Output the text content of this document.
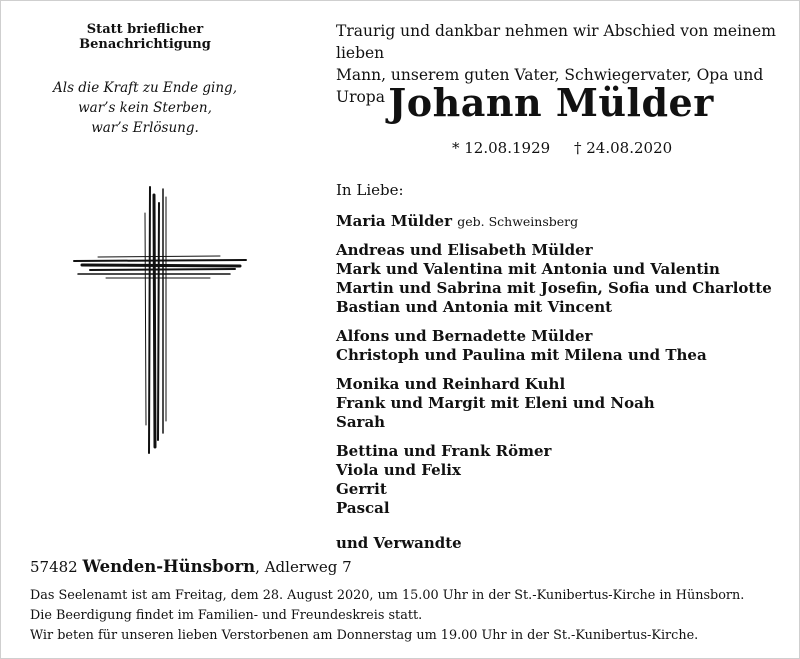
Statt brieflicher Benachrichtigung
Als die Kraft zu Ende ging,
war’s kein Sterben,
war’s Erlösung.
Traurig und dankbar nehmen wir Abschied von meinem lieben
Mann, unserem guten Vater, Schwiegervater, Opa und Uropa Johann Mülder
* 12.08.1929 † 24.08.2020
In Liebe:
Maria Mülder geb. Schweinsberg
Andreas und Elisabeth Mülder
Mark und Valentina mit Antonia und Valentin
Martin und Sabrina mit Josefin, Sofia und Charlotte
Bastian und Antonia mit Vincent
Alfons und Bernadette Mülder
Christoph und Paulina mit Milena und Thea
Monika und Reinhard Kuhl
Frank und Margit mit Eleni und Noah
Sarah
Bettina und Frank Römer
Viola und Felix
Gerrit
Pascal
und Verwandte
57482 Wenden-Hünsborn, Adlerweg 7
Das Seelenamt ist am Freitag, dem 28. August 2020, um 15.00 Uhr in der St.-Kunibertus-Kirche in Hünsborn.
Die Beerdigung findet im Familien- und Freundeskreis statt.
Wir beten für unseren lieben Verstorbenen am Donnerstag um 19.00 Uhr in der St.-Kunibertus-Kirche.
